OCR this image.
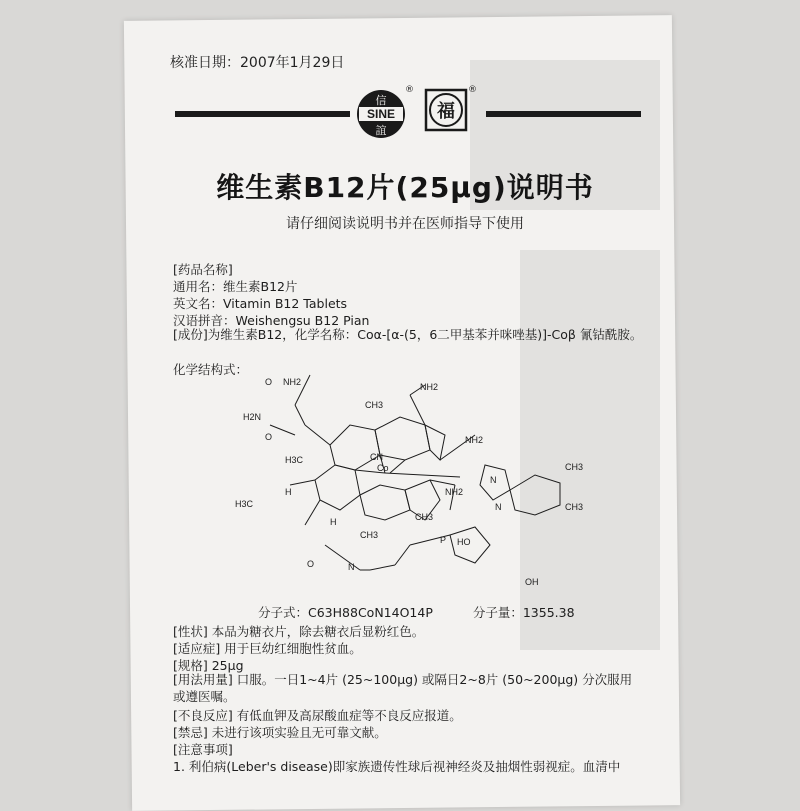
核准日期：2007年1月29日
SINE
信
誼
®
福
®
维生素B12片(25μg)说明书
请仔细阅读说明书并在医师指导下使用
[药品名称]
通用名：维生素B12片
英文名：Vitamin B12 Tablets
汉语拼音：Weishengsu B12 Pian
[成份]为维生素B12，化学名称：Coα-[α-(5，6二甲基苯并咪唑基)]-Coβ 氰钴酰胺。
化学结构式：
NH2
O
H2N
O
NH2
NH2
NH2
CH3
CH3
CH3
CH3
CH3
H3C
H3C	CN
Co
N
N
P HO
OH
N
O
H
H
分子式：C63H88CoN14O14P	分子量：1355.38
[性状] 本品为糖衣片，除去糖衣后显粉红色。
[适应症] 用于巨幼红细胞性贫血。
[规格] 25μg
[用法用量] 口服。一日1~4片 (25~100μg) 或隔日2~8片 (50~200μg) 分次服用或遵医嘱。
[不良反应] 有低血钾及高尿酸血症等不良反应报道。
[禁忌] 未进行该项实验且无可靠文献。
[注意事项]
1. 利伯病(Leber's disease)即家族遗传性球后视神经炎及抽烟性弱视症。血清中
